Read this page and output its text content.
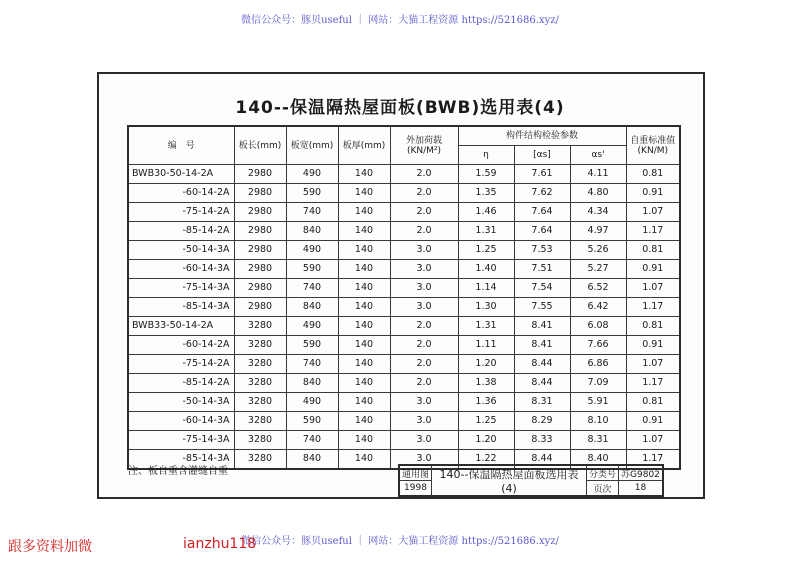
微信公众号：豚贝useful ｜ 网站：大猫工程资源 https://521686.xyz/
140--保温隔热屋面板(BWB)选用表(4)
编　号	板长(mm)	板宽(mm)	板厚(mm)	外加荷载(KN/M²)	构件结构检验参数			自重标准值(KN/M)
					η	[αs]	αs'	
BWB30-50-14-2A	2980	490	140	2.0	1.59	7.61	4.11	0.81
-60-14-2A	2980	590	140	2.0	1.35	7.62	4.80	0.91
-75-14-2A	2980	740	140	2.0	1.46	7.64	4.34	1.07
-85-14-2A	2980	840	140	2.0	1.31	7.64	4.97	1.17
-50-14-3A	2980	490	140	3.0	1.25	7.53	5.26	0.81
-60-14-3A	2980	590	140	3.0	1.40	7.51	5.27	0.91
-75-14-3A	2980	740	140	3.0	1.14	7.54	6.52	1.07
-85-14-3A	2980	840	140	3.0	1.30	7.55	6.42	1.17
BWB33-50-14-2A	3280	490	140	2.0	1.31	8.41	6.08	0.81
-60-14-2A	3280	590	140	2.0	1.11	8.41	7.66	0.91
-75-14-2A	3280	740	140	2.0	1.20	8.44	6.86	1.07
-85-14-2A	3280	840	140	2.0	1.38	8.44	7.09	1.17
-50-14-3A	3280	490	140	3.0	1.36	8.31	5.91	0.81
-60-14-3A	3280	590	140	3.0	1.25	8.29	8.10	0.91
-75-14-3A	3280	740	140	3.0	1.20	8.33	8.31	1.07
-85-14-3A	3280	840	140	3.0	1.22	8.44	8.40	1.17
注、板自重含灌缝自重	通用图	140--保温隔热屋面板选用表(4)	分类号	苏G9802
1998		页次	18
微信公众号：豚贝useful ｜ 网站：大猫工程资源 https://521686.xyz/
跟多资料加微	ianzhu118
